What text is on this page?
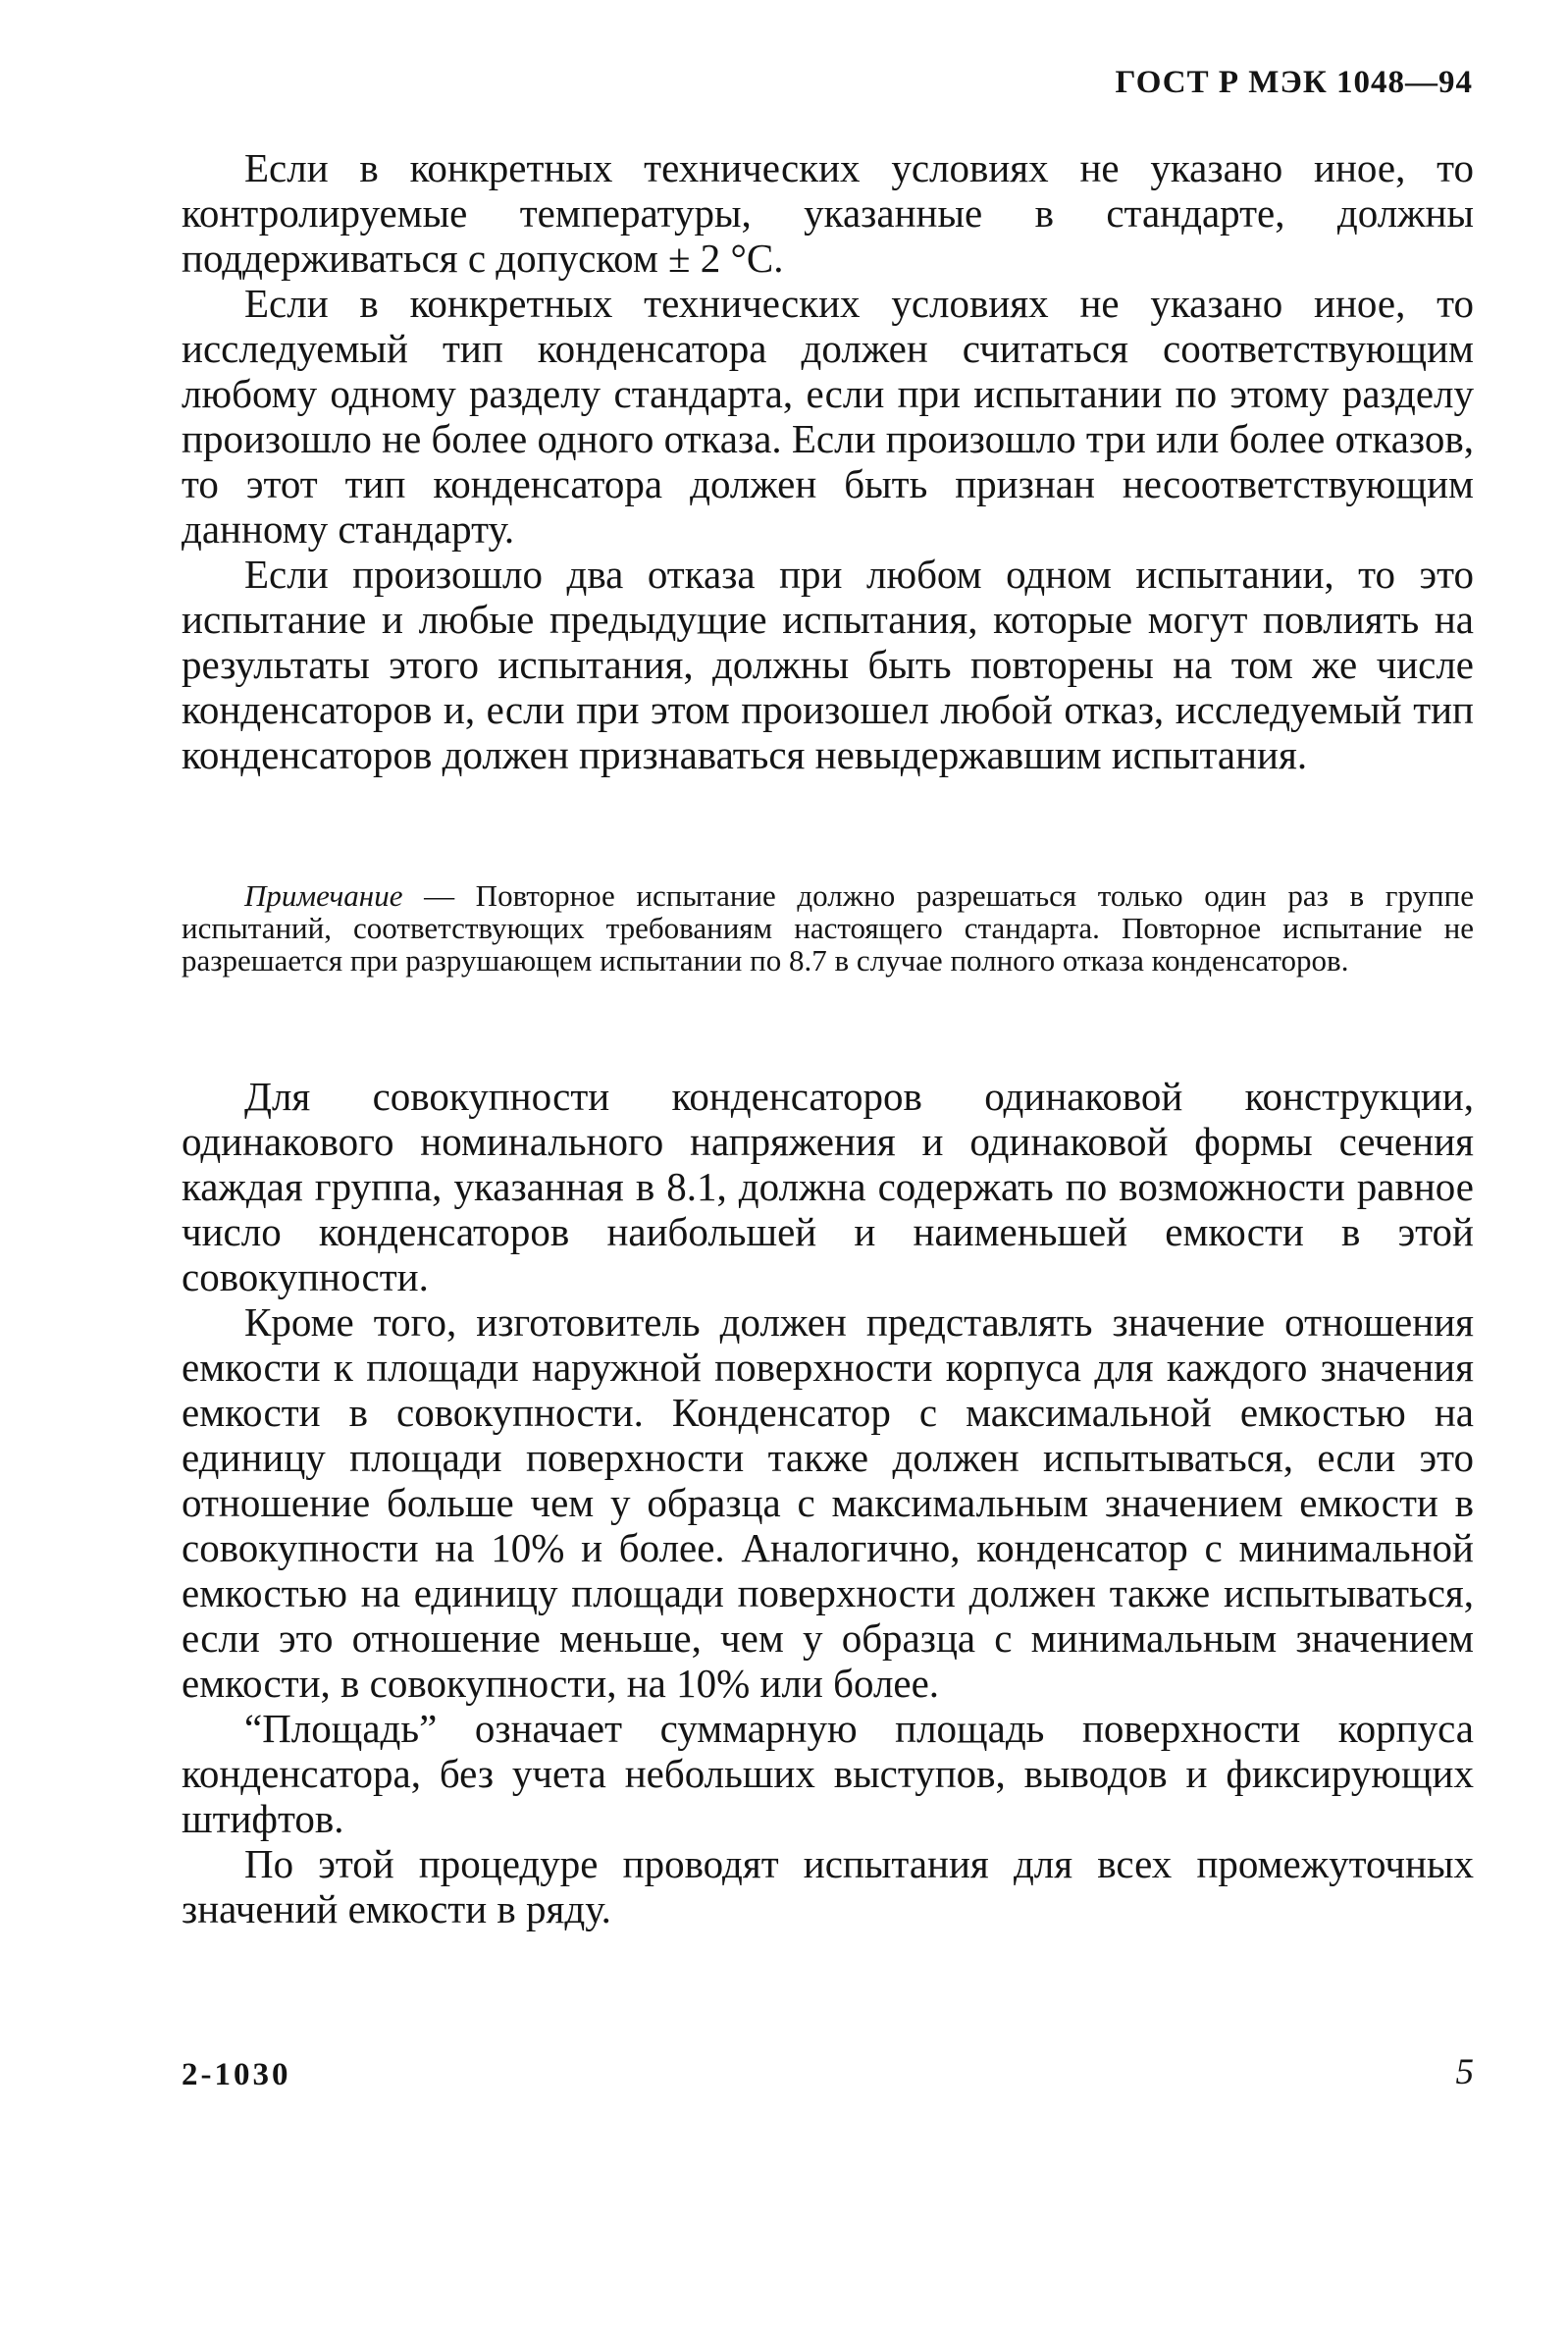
ГОСТ Р МЭК 1048—94

Если в конкретных технических условиях не указано иное, то контролируемые температуры, указанные в стандарте, должны поддерживаться с допуском ± 2 °С.

Если в конкретных технических условиях не указано иное, то исследуемый тип конденсатора должен считаться соответствующим любому одному разделу стандарта, если при испытании по этому разделу произошло не более одного отказа. Если произошло три или более отказов, то этот тип конденсатора должен быть признан несоответствующим данному стандарту.

Если произошло два отказа при любом одном испытании, то это испытание и любые предыдущие испытания, которые могут повлиять на результаты этого испытания, должны быть повторены на том же числе конденсаторов и, если при этом произошел любой отказ, исследуемый тип конденсаторов должен признаваться невыдержавшим испытания.

Примечание — Повторное испытание должно разрешаться только один раз в группе испытаний, соответствующих требованиям настоящего стандарта. Повторное испытание не разрешается при разрушающем испытании по 8.7 в случае полного отказа конденсаторов.

Для совокупности конденсаторов одинаковой конструкции, одинакового номинального напряжения и одинаковой формы сечения каждая группа, указанная в 8.1, должна содержать по возможности равное число конденсаторов наибольшей и наименьшей емкости в этой совокупности.

Кроме того, изготовитель должен представлять значение отношения емкости к площади наружной поверхности корпуса для каждого значения емкости в совокупности. Конденсатор с максимальной емкостью на единицу площади поверхности также должен испытываться, если это отношение больше чем у образца с максимальным значением емкости в совокупности на 10% и более. Аналогично, конденсатор с минимальной емкостью на единицу площади поверхности должен также испытываться, если это отношение меньше, чем у образца с минимальным значением емкости, в совокупности, на 10% или более.

“Площадь” означает суммарную площадь поверхности корпуса конденсатора, без учета небольших выступов, выводов и фиксирующих штифтов.

По этой процедуре проводят испытания для всех промежуточных значений емкости в ряду.

2-1030	5
